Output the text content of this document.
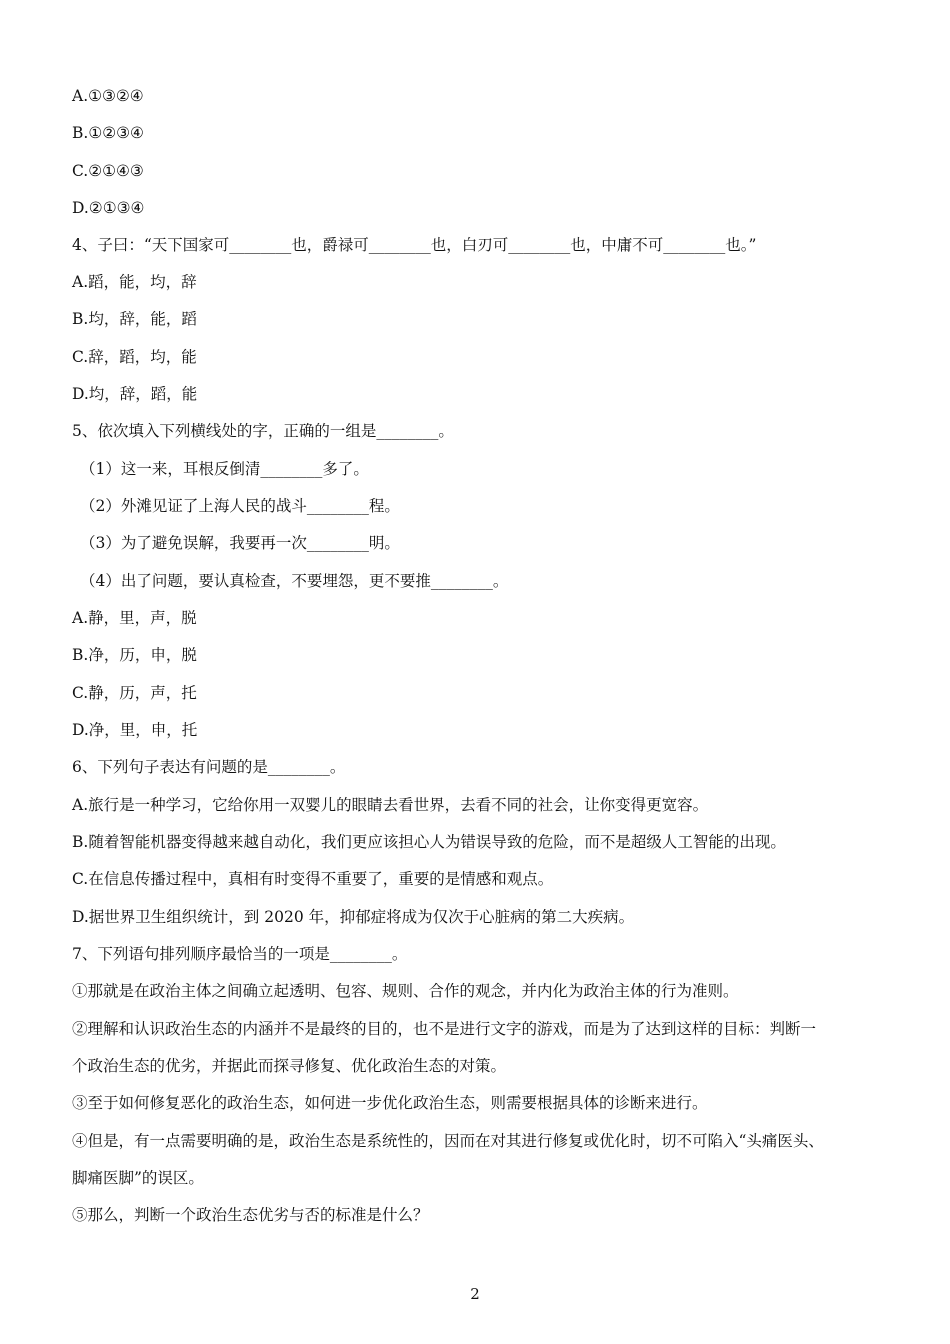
A.①③②④
B.①②③④
C.②①④③
D.②①③④
4、子曰：“天下国家可________也，爵禄可________也，白刃可________也，中庸不可________也。”
A.蹈，能，均，辞
B.均，辞，能，蹈
C.辞，蹈，均，能
D.均，辞，蹈，能
5、依次填入下列横线处的字，正确的一组是________。
（1）这一来，耳根反倒清________多了。
（2）外滩见证了上海人民的战斗________程。
（3）为了避免误解，我要再一次________明。
（4）出了问题，要认真检查，不要埋怨，更不要推________。
A.静，里，声，脱
B.净，历，申，脱
C.静，历，声，托
D.净，里，申，托
6、下列句子表达有问题的是________。
A.旅行是一种学习，它给你用一双婴儿的眼睛去看世界，去看不同的社会，让你变得更宽容。
B.随着智能机器变得越来越自动化，我们更应该担心人为错误导致的危险，而不是超级人工智能的出现。
C.在信息传播过程中，真相有时变得不重要了，重要的是情感和观点。
D.据世界卫生组织统计，到 2020 年，抑郁症将成为仅次于心脏病的第二大疾病。
7、下列语句排列顺序最恰当的一项是________。
①那就是在政治主体之间确立起透明、包容、规则、合作的观念，并内化为政治主体的行为准则。
②理解和认识政治生态的内涵并不是最终的目的，也不是进行文字的游戏，而是为了达到这样的目标：判断一
个政治生态的优劣，并据此而探寻修复、优化政治生态的对策。
③至于如何修复恶化的政治生态，如何进一步优化政治生态，则需要根据具体的诊断来进行。
④但是，有一点需要明确的是，政治生态是系统性的，因而在对其进行修复或优化时，切不可陷入“头痛医头、
脚痛医脚”的误区。
⑤那么，判断一个政治生态优劣与否的标准是什么？
2
